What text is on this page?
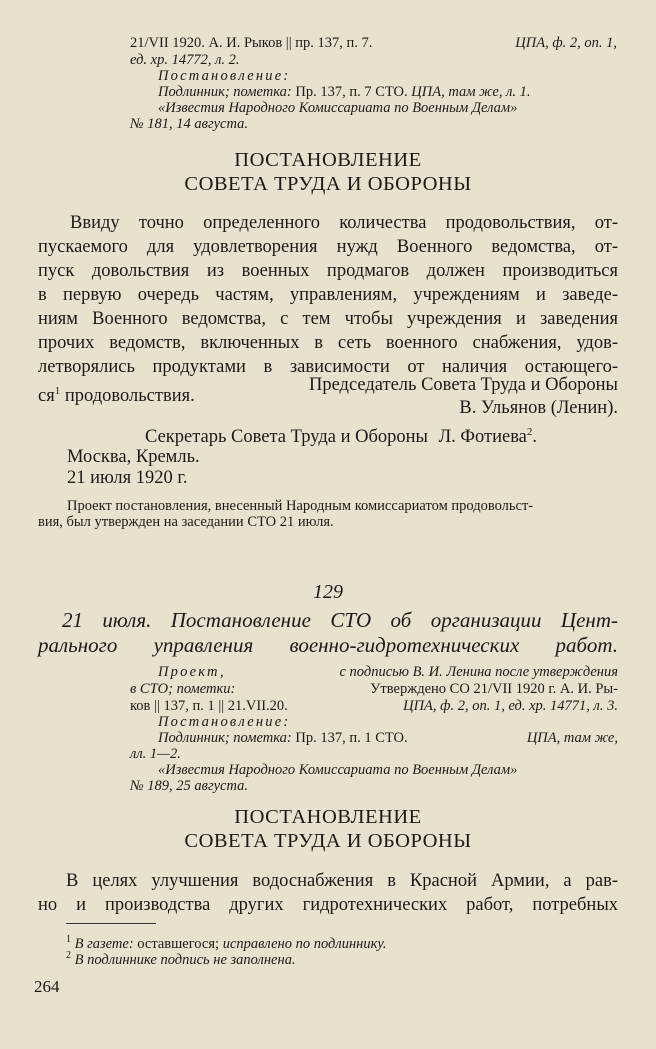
21/VII 1920. А. И. Рыков || пр. 137, п. 7.	ЦПА, ф. 2, оп. 1,
ед. хр. 14772, л. 2.
Постановление:
Подлинник; пометка: Пр. 137, п. 7 СТО. ЦПА, там же, л. 1.
«Известия Народного Комиссариата по Военным Делам»
№ 181, 14 августа.
ПОСТАНОВЛЕНИЕ
СОВЕТА ТРУДА И ОБОРОНЫ
Ввиду точно определенного количества продовольствия, от-
пускаемого для удовлетворения нужд Военного ведомства, от-
пуск довольствия из военных продмагов должен производиться
в первую очередь частям, управлениям, учреждениям и заведе-
ниям Военного ведомства, с тем чтобы учреждения и заведения
прочих ведомств, включенных в сеть военного снабжения, удов-
летворялись продуктами в зависимости от наличия остающего-
$ся^1$ продовольствия.
Председатель Совета Труда и Обороны
В. Ульянов (Ленин).
Секретарь Совета Труда и Обороны Л. Фотиева$^2$.
Москва, Кремль.
21 июля 1920 г.
Проект постановления, внесенный Народным комиссариатом продовольст-
вия, был утвержден на заседании СТО 21 июля.
129
21 июля. Постановление СТО об организации Цент-
рального управления военно-гидротехнических работ.
Проект,	с подписью В. И. Ленина после утверждения
в СТО; пометки:	Утверждено СО 21/VII 1920 г. А. И. Ры-
ков || 137, п. 1 || 21.VII.20.	ЦПА, ф. 2, оп. 1, ед. хр. 14771, л. 3.
Постановление:
Подлинник; пометка: Пр. 137, п. 1 СТО.	ЦПА, там же,
лл. 1—2.
«Известия Народного Комиссариата по Военным Делам»
№ 189, 25 августа.
ПОСТАНОВЛЕНИЕ
СОВЕТА ТРУДА И ОБОРОНЫ
В целях улучшения водоснабжения в Красной Армии, а рав-
но и производства других гидротехнических работ, потребных
$^1$ В газете: оставшегося; исправлено по подлиннику.
$^2$ В подлиннике подпись не заполнена.
264
